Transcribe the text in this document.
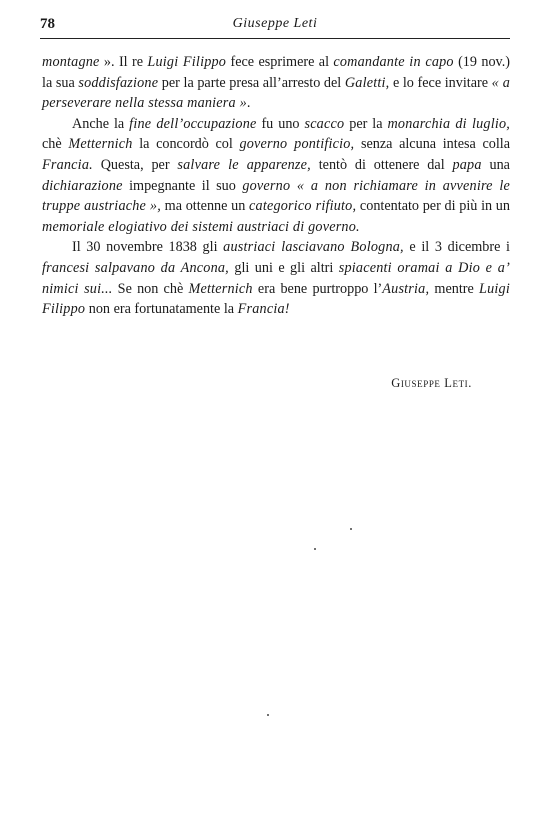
78	Giuseppe Leti

montagne ». Il re Luigi Filippo fece esprimere al comandante in capo (19 nov.) la sua soddisfazione per la parte presa all’arresto del Galetti, e lo fece invitare « a perseverare nella stessa maniera ».

Anche la fine dell’occupazione fu uno scacco per la monarchia di luglio, chè Metternich la concordò col governo pontificio, senza alcuna intesa colla Francia. Questa, per salvare le apparenze, tentò di ottenere dal papa una dichiarazione impegnante il suo governo « a non richiamare in avvenire le truppe austriache », ma ottenne un categorico rifiuto, contentato per di più in un memoriale elogiativo dei sistemi austriaci di governo.

Il 30 novembre 1838 gli austriaci lasciavano Bologna, e il 3 dicembre i francesi salpavano da Ancona, gli uni e gli altri spiacenti oramai a Dio e a’ nimici sui... Se non chè Metternich era bene purtroppo l’Austria, mentre Luigi Filippo non era fortunatamente la Francia!

Giuseppe Leti.
